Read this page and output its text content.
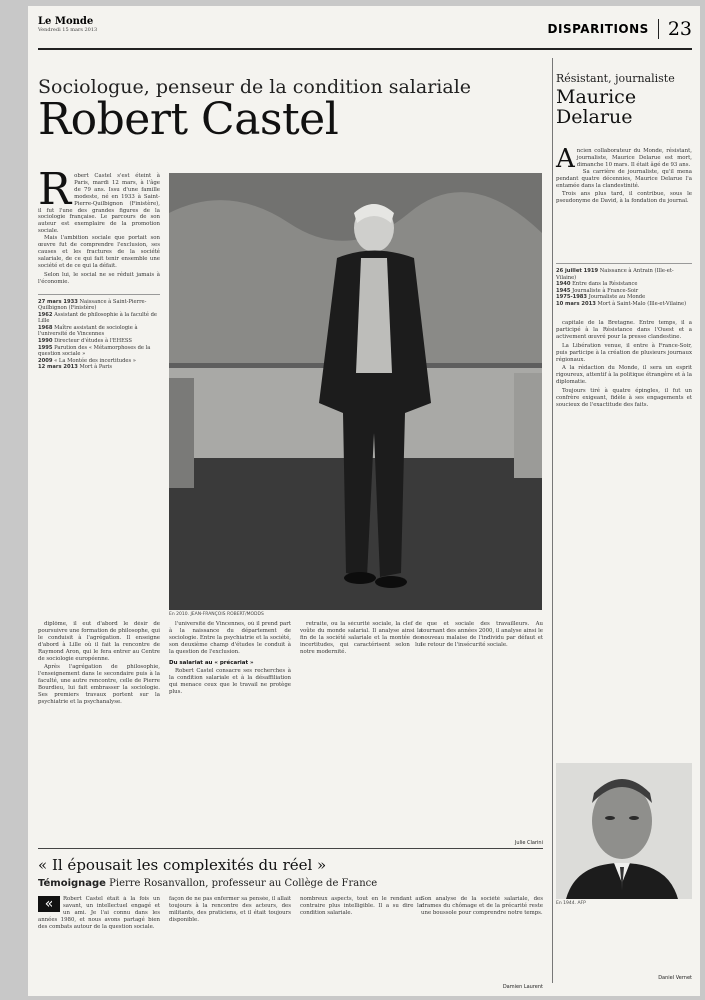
Le Monde
Vendredi 15 mars 2013	DISPARITIONS 23
Sociologue, penseur de la condition salariale
Robert Castel
Robert Castel s'est éteint à Paris, mardi 12 mars, à l'âge de 79 ans. Issu d'une famille modeste, né en 1933 à Saint-Pierre-Quilbignon (Finistère), il fut l'une des grandes figures de la sociologie française. Le parcours de son auteur est exemplaire de la promotion sociale.

Mais l'ambition sociale que portait son œuvre fut de comprendre l'exclusion, ses causes et les fractures de la société salariale, de ce qui fait tenir ensemble une société et de ce qui la défait.

Selon lui, le social ne se réduit jamais à l'économie.

27 mars 1933 Naissance à Saint-Pierre-Quilbignon (Finistère)
1962 Assistant de philosophie à la faculté de Lille
1968 Maître assistant de sociologie à l'université de Vincennes
1990 Directeur d'études à l'EHESS
1995 Parution des « Métamorphoses de la question sociale »
2009 « La Montée des incertitudes »
12 mars 2013 Mort à Paris
En 2010. JEAN-FRANÇOIS ROBERT/MODDS

diplôme, il eut d'abord le désir de poursuivre une formation de philosophe, qui le conduisit à l'agrégation. Il enseigne d'abord à Lille où il fait la rencontre de Raymond Aron, qui le fera entrer au Centre de sociologie européenne.

Après l'agrégation de philosophie, l'enseignement dans le secondaire puis à la faculté, une autre rencontre, celle de Pierre Bourdieu, lui fait embrasser la sociologie. Ses premiers travaux portent sur la psychiatrie et la psychanalyse.

l'université de Vincennes, où il prend part à la naissance du département de sociologie. Entre la psychiatrie et la société, son deuxième champ d'études le conduit à la question de l'exclusion.

Du salariat au « précariat »

Robert Castel consacre ses recherches à la condition salariale et à la désaffiliation qui menace ceux que le travail ne protège plus.

retraite, ou la sécurité sociale, la clef de voûte du monde salarial. Il analyse ainsi la fin de la société salariale et la montée des incertitudes, qui caractérisent selon lui notre modernité.

que et sociale des travailleurs. Au tournant des années 2000, il analyse ainsi le nouveau malaise de l'individu par défaut et le retour de l'insécurité sociale.

Julie Clarini
« Il épousait les complexités du réel »
Témoignage Pierre Rosanvallon, professeur au Collège de France
«	Robert Castel était à la fois un savant, un intellectuel engagé et un ami. Je l'ai connu dans les années 1980, et nous avons partagé bien des combats autour de la question sociale.
façon de ne pas enfermer sa pensée, il allait toujours à la rencontre des acteurs, des militants, des praticiens, et il était toujours disponible.
nombreux aspects, tout en le rendant au contraire plus intelligible. Il a su dire la condition salariale.
Son analyse de la société salariale, des drames du chômage et de la précarité reste une boussole pour comprendre notre temps.
Damien Laurent
Résistant, journaliste
Maurice
Delarue
Ancien collaborateur du Monde, résistant, journaliste, Maurice Delarue est mort, dimanche 10 mars. Il était âgé de 93 ans.

Sa carrière de journaliste, qu'il mena pendant quatre décennies, Maurice Delarue l'a entamée dans la clandestinité.

Trois ans plus tard, il contribue, sous le pseudonyme de David, à la fondation du journal.

26 juillet 1919 Naissance à Antrain (Ille-et-Vilaine)
1940 Entre dans la Résistance
1945 Journaliste à France-Soir
1975-1983 Journaliste au Monde
10 mars 2013 Mort à Saint-Malo (Ille-et-Vilaine)

capitale de la Bretagne. Entre temps, il a participé à la Résistance dans l'Ouest et a activement œuvré pour la presse clandestine.

La Libération venue, il entre à France-Soir, puis participe à la création de plusieurs journaux régionaux.

A la rédaction du Monde, il sera un esprit rigoureux, attentif à la politique étrangère et à la diplomatie.

Toujours tiré à quatre épingles, il fut un confrère exigeant, fidèle à ses engagements et soucieux de l'exactitude des faits.

En 1944. AFP

Daniel Vernet
